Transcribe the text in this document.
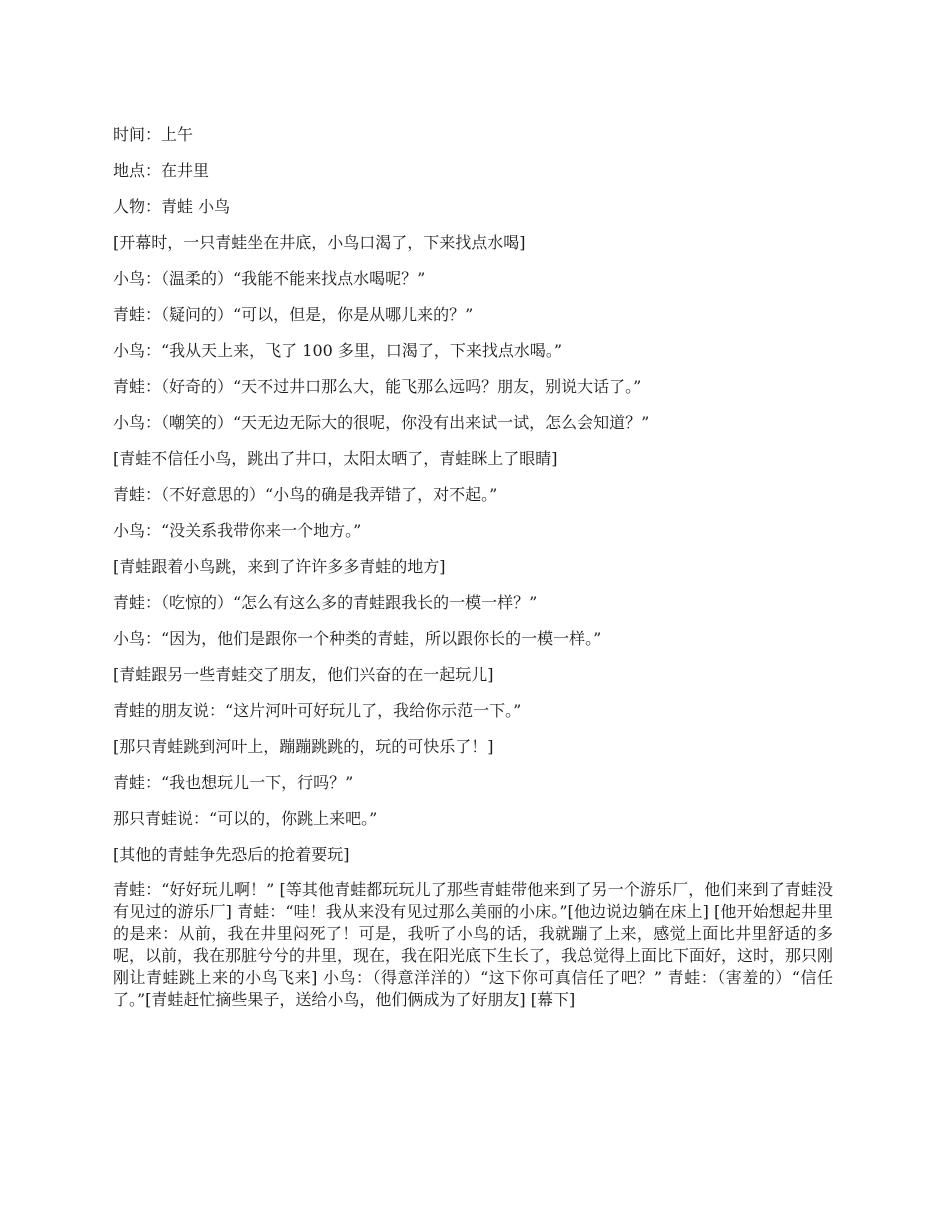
时间：上午

地点：在井里

人物：青蛙 小鸟

[开幕时，一只青蛙坐在井底，小鸟口渴了，下来找点水喝]

小鸟：（温柔的）“我能不能来找点水喝呢？”

青蛙：（疑问的）“可以，但是，你是从哪儿来的？”

小鸟：“我从天上来，飞了 100 多里，口渴了，下来找点水喝。”

青蛙：（好奇的）“天不过井口那么大，能飞那么远吗？朋友，别说大话了。”

小鸟：（嘲笑的）“天无边无际大的很呢，你没有出来试一试，怎么会知道？”

[青蛙不信任小鸟，跳出了井口，太阳太晒了，青蛙眯上了眼睛]

青蛙：（不好意思的）“小鸟的确是我弄错了，对不起。”

小鸟：“没关系我带你来一个地方。”

[青蛙跟着小鸟跳，来到了许许多多青蛙的地方]

青蛙：（吃惊的）“怎么有这么多的青蛙跟我长的一模一样？”

小鸟：“因为，他们是跟你一个种类的青蛙，所以跟你长的一模一样。”

[青蛙跟另一些青蛙交了朋友，他们兴奋的在一起玩儿]

青蛙的朋友说：“这片河叶可好玩儿了，我给你示范一下。”

[那只青蛙跳到河叶上，蹦蹦跳跳的，玩的可快乐了！]

青蛙：“我也想玩儿一下，行吗？”

那只青蛙说：“可以的，你跳上来吧。”

[其他的青蛙争先恐后的抢着要玩]

青蛙：“好好玩儿啊！” [等其他青蛙都玩玩儿了那些青蛙带他来到了另一个游乐厂，他们来到了青蛙没有见过的游乐厂] 青蛙：“哇！我从来没有见过那么美丽的小床。”[他边说边躺在床上] [他开始想起井里的是来：从前，我在井里闷死了！可是，我听了小鸟的话，我就蹦了上来，感觉上面比井里舒适的多呢，以前，我在那脏兮兮的井里，现在，我在阳光底下生长了，我总觉得上面比下面好，这时，那只刚刚让青蛙跳上来的小鸟飞来] 小鸟：（得意洋洋的）“这下你可真信任了吧？” 青蛙：（害羞的）“信任了。”[青蛙赶忙摘些果子，送给小鸟，他们俩成为了好朋友] [幕下]
